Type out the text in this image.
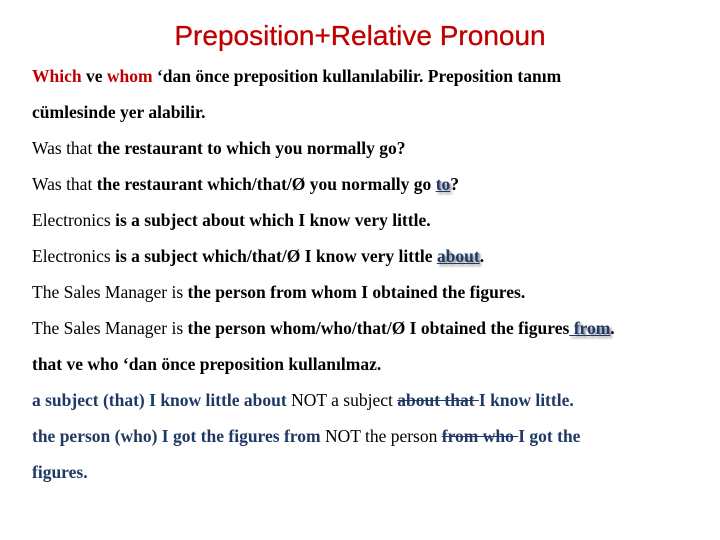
Preposition+Relative Pronoun
Which ve whom ‘dan önce preposition kullanılabilir. Preposition tanım
cümlesinde yer alabilir.
Was that the restaurant to which you normally go?
Was that the restaurant which/that/Ø you normally go to?
Electronics is a subject about which I know very little.
Electronics is a subject which/that/Ø I know very little about.
The Sales Manager is the person from whom I obtained the figures.
The Sales Manager is the person whom/who/that/Ø I obtained the figures from.
that ve who ‘dan önce preposition kullanılmaz.
a subject (that) I know little about NOT a subject about that I know little.
the person (who) I got the figures from NOT the person from who I got the
figures.
